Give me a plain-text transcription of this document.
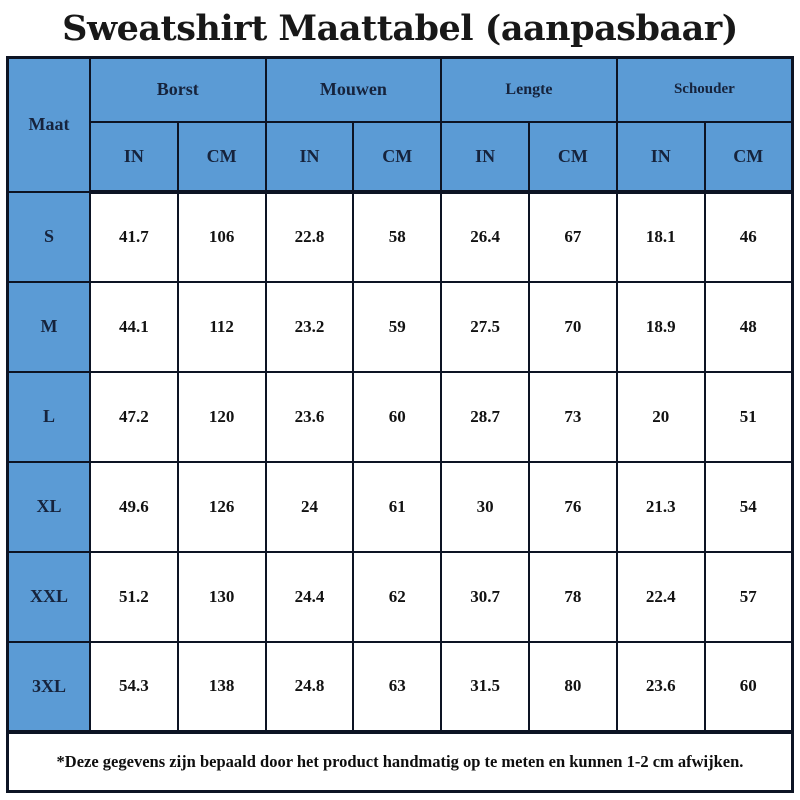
Sweatshirt Maattabel (aanpasbaar)
Maat	Borst		Mouwen		Lengte		Schouder	
	IN	CM	IN	CM	IN	CM	IN	CM
S	41.7	106	22.8	58	26.4	67	18.1	46
M	44.1	112	23.2	59	27.5	70	18.9	48
L	47.2	120	23.6	60	28.7	73	20	51
XL	49.6	126	24	61	30	76	21.3	54
XXL	51.2	130	24.4	62	30.7	78	22.4	57
3XL	54.3	138	24.8	63	31.5	80	23.6	60
*Deze gegevens zijn bepaald door het product handmatig op te meten en kunnen 1-2 cm afwijken.								
